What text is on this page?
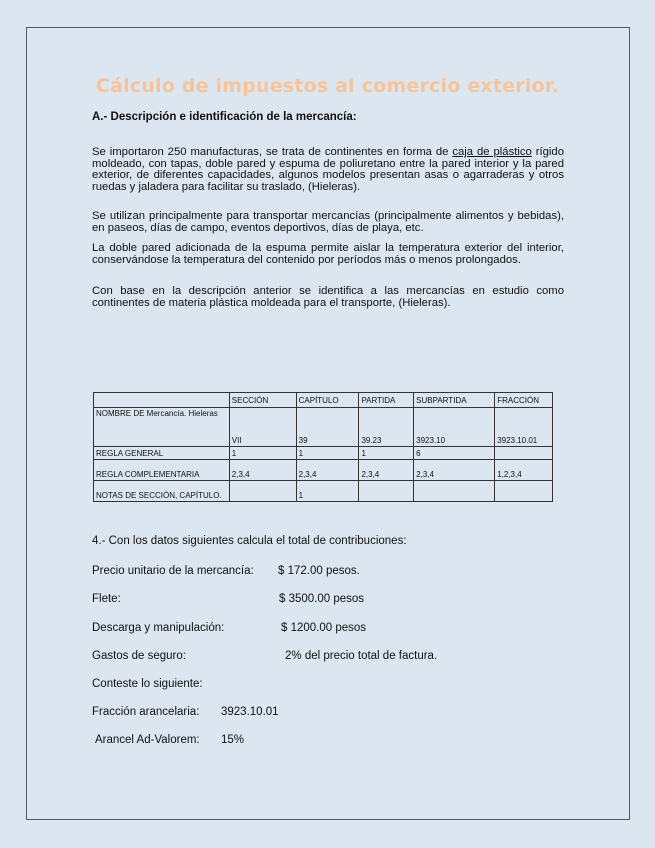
Cálculo de impuestos al comercio exterior.
A.- Descripción e identificación de la mercancía:

Se importaron 250 manufacturas, se trata de continentes en forma de caja de plástico rígido moldeado, con tapas, doble pared y espuma de poliuretano entre la pared interior y la pared exterior, de diferentes capacidades, algunos modelos presentan asas o agarraderas y otros ruedas y jaladera para facilitar su traslado, (Hieleras).

Se utilizan principalmente para transportar mercancías (principalmente alimentos y bebidas), en paseos, días de campo, eventos deportivos, días de playa, etc.

La doble pared adicionada de la espuma permite aislar la temperatura exterior del interior, conservándose la temperatura del contenido por períodos más o menos prolongados.

Con base en la descripción anterior se identifica a las mercancías en estudio como continentes de materia plástica moldeada para el transporte, (Hieleras).

	SECCIÓN	CAPÍTULO	PARTIDA	SUBPARTIDA	FRACCIÓN
NOMBRE DE Mercancía. Hieleras	VII	39	39.23	3923.10	3923.10.01
REGLA GENERAL	1	1	1	6	
REGLA COMPLEMENTARIA	2,3,4	2,3,4	2,3,4	2,3,4	1,2,3,4
NOTAS DE SECCIÓN, CAPÍTULO.		1			
4.- Con los datos siguientes calcula el total de contribuciones:
Precio unitario de la mercancía: $ 172.00 pesos.
Flete:	$ 3500.00 pesos
Descarga y manipulación:	$ 1200.00 pesos
Gastos de seguro:	2% del precio total de factura.
Conteste lo siguiente:
Fracción arancelaria: 3923.10.01
Arancel Ad-Valorem: 15%
